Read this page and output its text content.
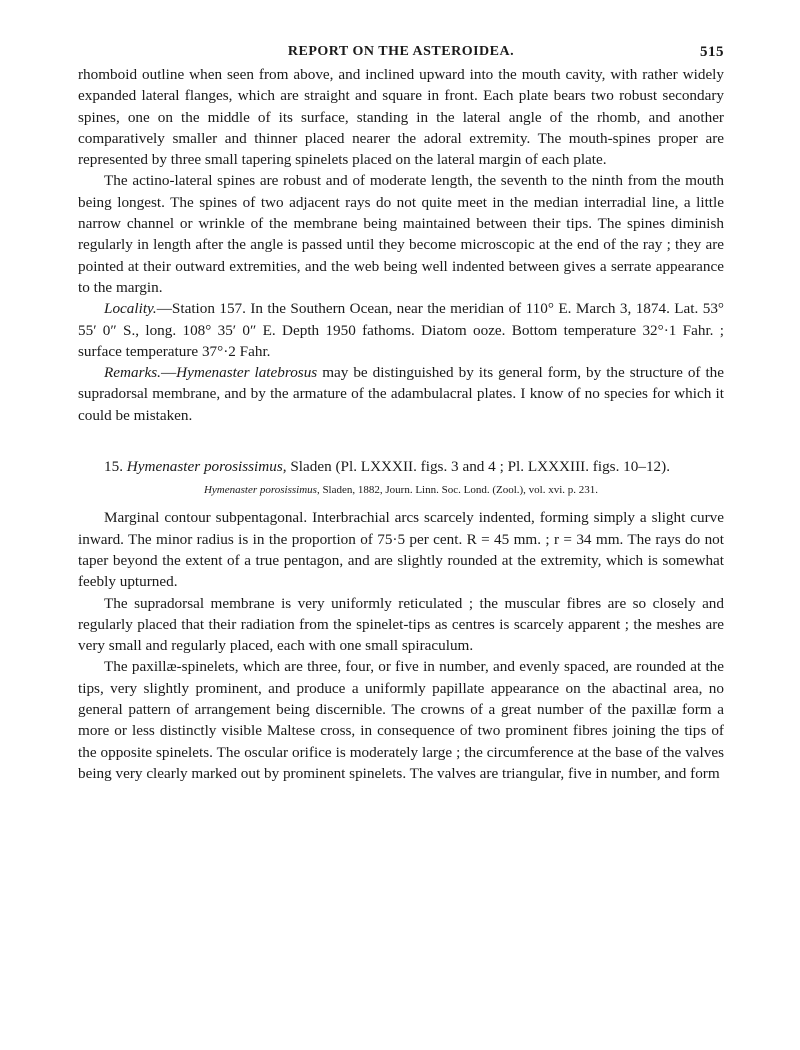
REPORT ON THE ASTEROIDEA.	515

rhomboid outline when seen from above, and inclined upward into the mouth cavity, with rather widely expanded lateral flanges, which are straight and square in front. Each plate bears two robust secondary spines, one on the middle of its surface, standing in the lateral angle of the rhomb, and another comparatively smaller and thinner placed nearer the adoral extremity. The mouth-spines proper are represented by three small tapering spinelets placed on the lateral margin of each plate.

The actino-lateral spines are robust and of moderate length, the seventh to the ninth from the mouth being longest. The spines of two adjacent rays do not quite meet in the median interradial line, a little narrow channel or wrinkle of the membrane being maintained between their tips. The spines diminish regularly in length after the angle is passed until they become microscopic at the end of the ray ; they are pointed at their outward extremities, and the web being well indented between gives a serrate appearance to the margin.

Locality.—Station 157. In the Southern Ocean, near the meridian of 110° E. March 3, 1874. Lat. 53° 55′ 0″ S., long. 108° 35′ 0″ E. Depth 1950 fathoms. Diatom ooze. Bottom temperature 32°·1 Fahr. ; surface temperature 37°·2 Fahr.

Remarks.—Hymenaster latebrosus may be distinguished by its general form, by the structure of the supradorsal membrane, and by the armature of the adambulacral plates. I know of no species for which it could be mistaken.

15. Hymenaster porosissimus, Sladen (Pl. LXXXII. figs. 3 and 4 ; Pl. LXXXIII. figs. 10–12).

Hymenaster porosissimus, Sladen, 1882, Journ. Linn. Soc. Lond. (Zool.), vol. xvi. p. 231.

Marginal contour subpentagonal. Interbrachial arcs scarcely indented, forming simply a slight curve inward. The minor radius is in the proportion of 75·5 per cent. R = 45 mm. ; r = 34 mm. The rays do not taper beyond the extent of a true pentagon, and are slightly rounded at the extremity, which is somewhat feebly upturned.

The supradorsal membrane is very uniformly reticulated ; the muscular fibres are so closely and regularly placed that their radiation from the spinelet-tips as centres is scarcely apparent ; the meshes are very small and regularly placed, each with one small spiraculum.

The paxillæ-spinelets, which are three, four, or five in number, and evenly spaced, are rounded at the tips, very slightly prominent, and produce a uniformly papillate appearance on the abactinal area, no general pattern of arrangement being discernible. The crowns of a great number of the paxillæ form a more or less distinctly visible Maltese cross, in consequence of two prominent fibres joining the tips of the opposite spinelets. The oscular orifice is moderately large ; the circumference at the base of the valves being very clearly marked out by prominent spinelets. The valves are triangular, five in number, and form
